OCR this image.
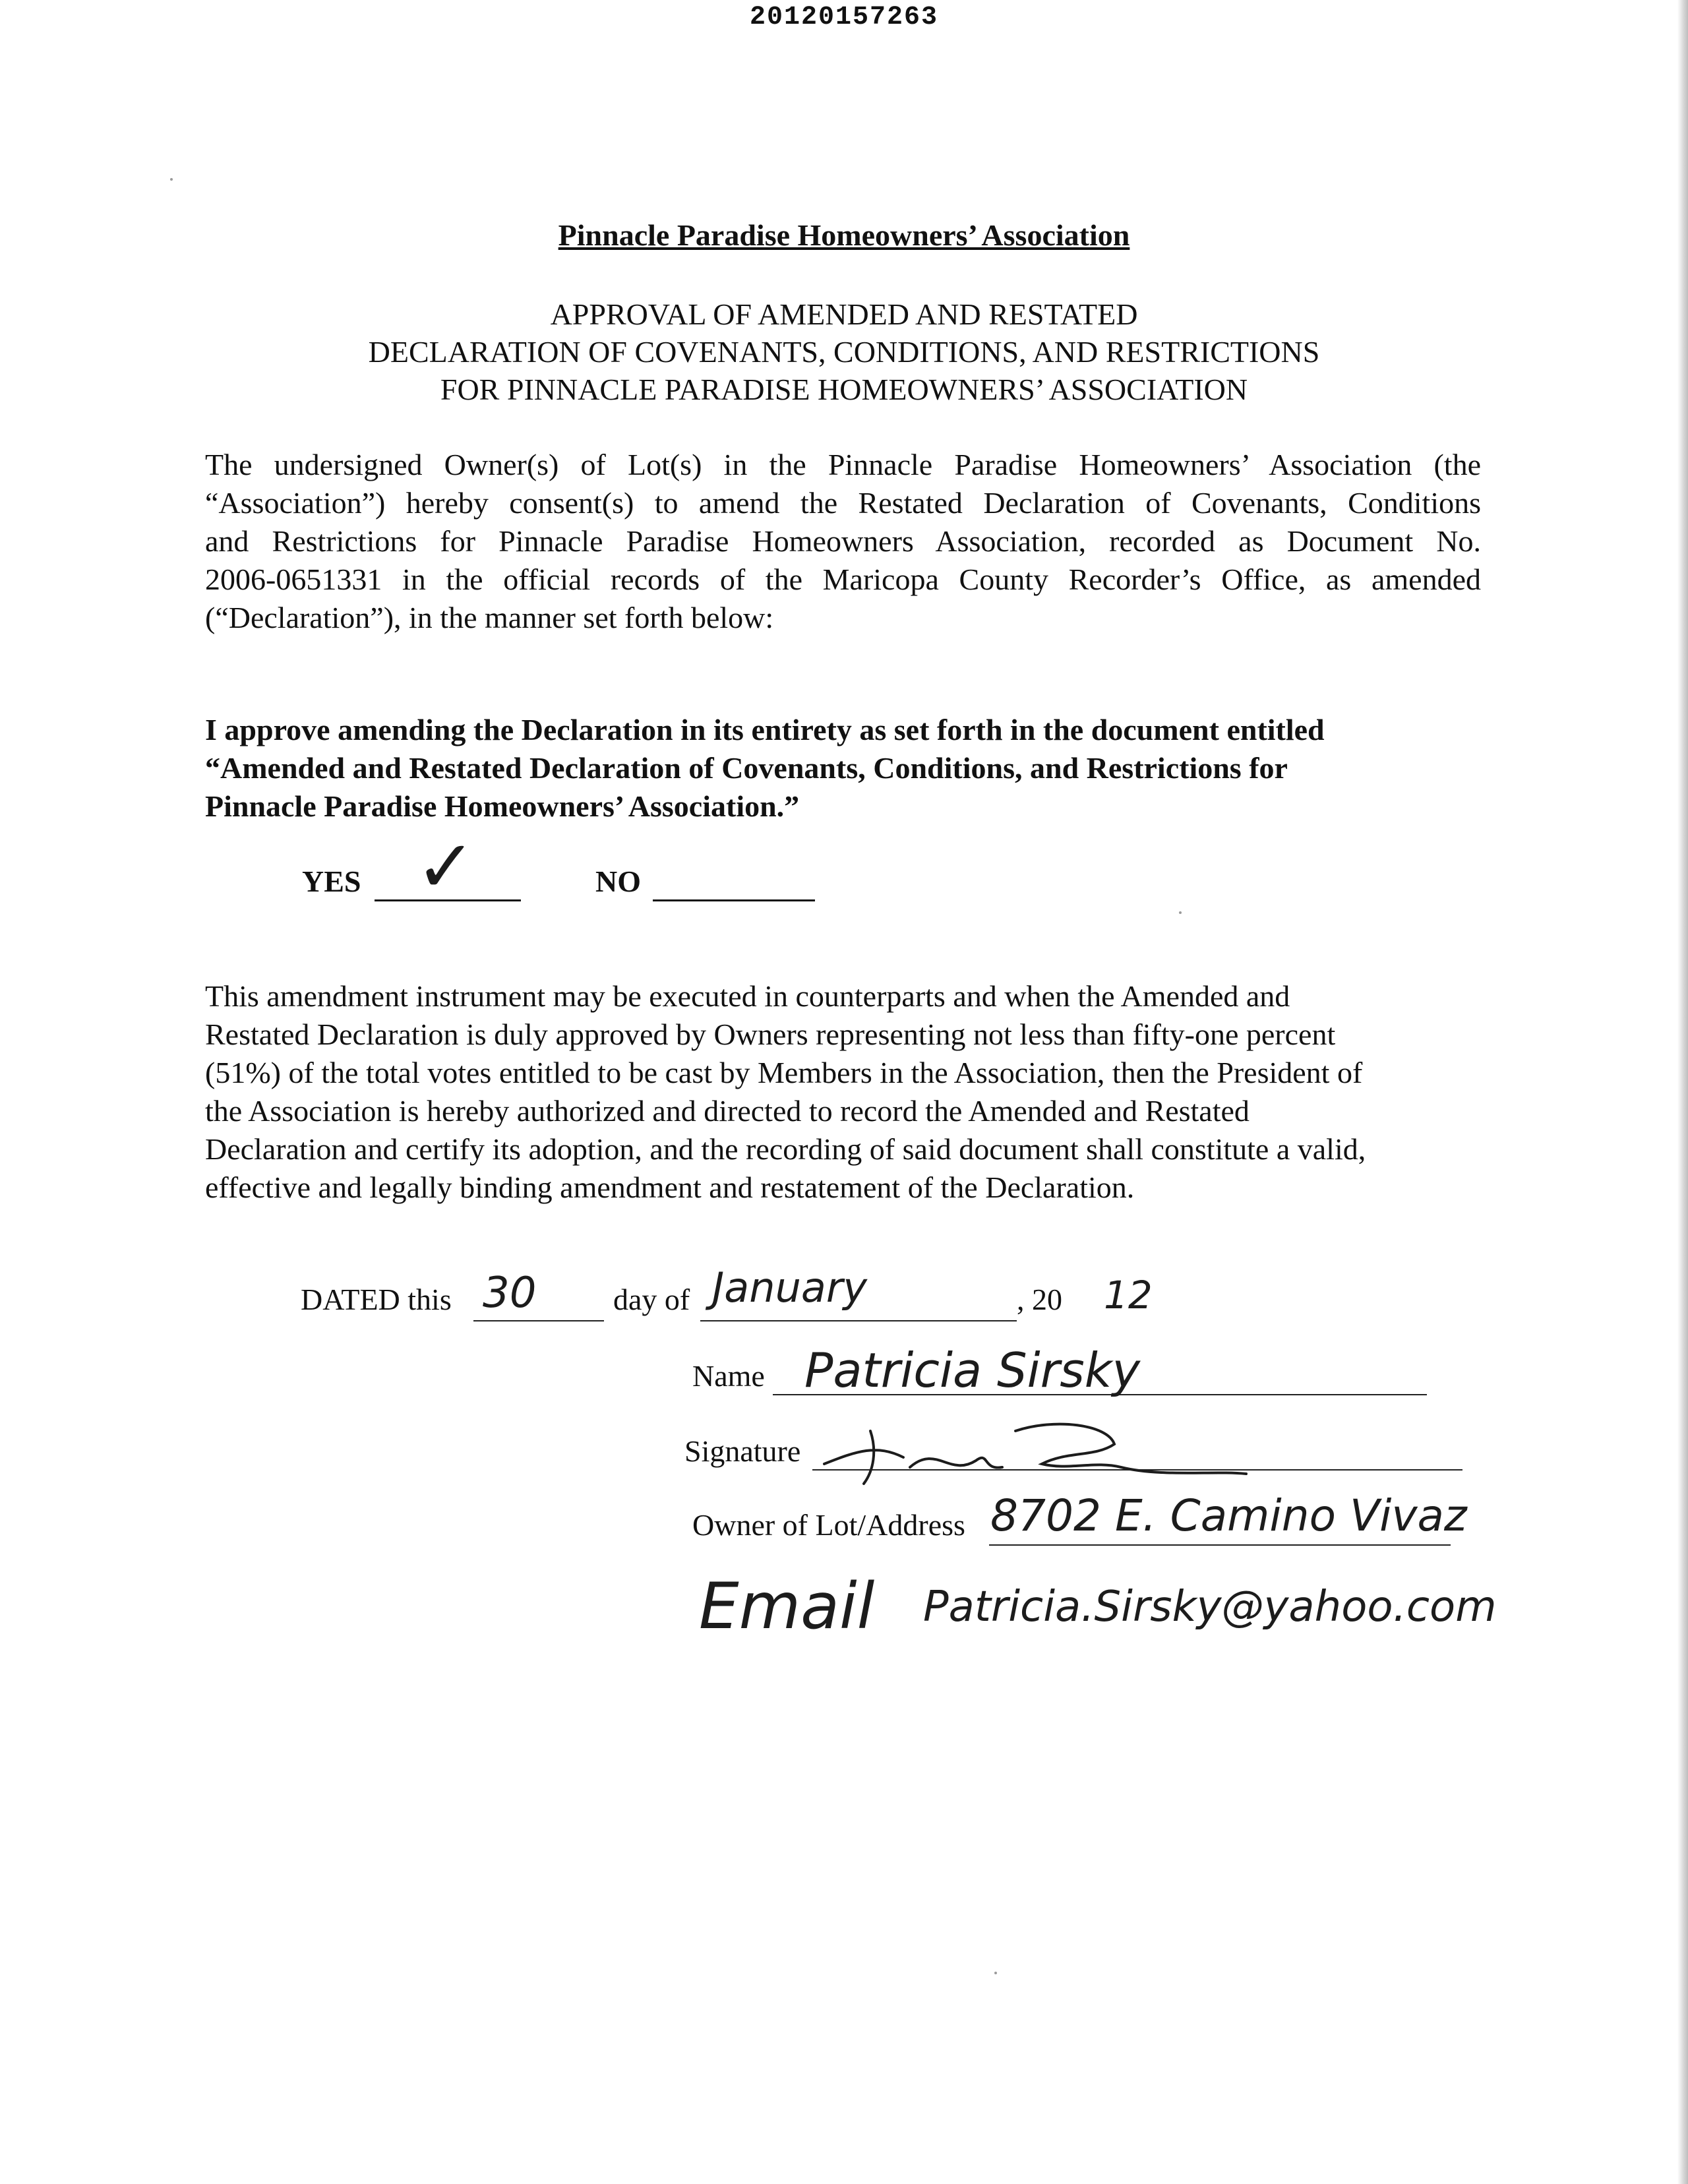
20120157263
Pinnacle Paradise Homeowners’ Association
APPROVAL OF AMENDED AND RESTATED
DECLARATION OF COVENANTS, CONDITIONS, AND RESTRICTIONS
FOR PINNACLE PARADISE HOMEOWNERS’ ASSOCIATION
The undersigned Owner(s) of Lot(s) in the Pinnacle Paradise Homeowners’ Association (the
“Association”) hereby consent(s) to amend the Restated Declaration of Covenants, Conditions
and Restrictions for Pinnacle Paradise Homeowners Association, recorded as Document No.
2006-0651331 in the official records of the Maricopa County Recorder’s Office, as amended
(“Declaration”), in the manner set forth below:
I approve amending the Declaration in its entirety as set forth in the document entitled
“Amended and Restated Declaration of Covenants, Conditions, and Restrictions for
Pinnacle Paradise Homeowners’ Association.”
YES ✓	NO
This amendment instrument may be executed in counterparts and when the Amended and
Restated Declaration is duly approved by Owners representing not less than fifty-one percent
(51%) of the total votes entitled to be cast by Members in the Association, then the President of
the Association is hereby authorized and directed to record the Amended and Restated
Declaration and certify its adoption, and the recording of said document shall constitute a valid,
effective and legally binding amendment and restatement of the Declaration.
DATED this 30	day of January	, 20 12
Name Patricia Sirsky
Signature
Owner of Lot/Address 8702 E. Camino Vivaz
Email Patricia.Sirsky@yahoo.com
